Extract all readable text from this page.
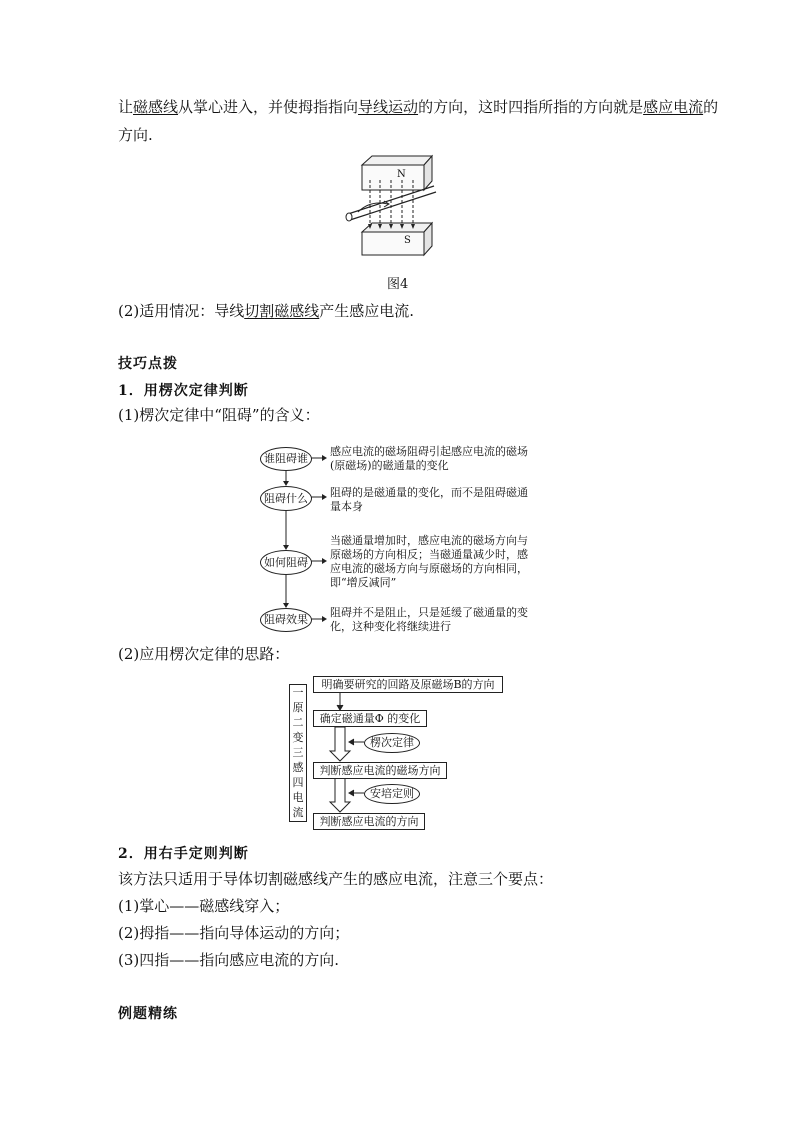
让磁感线从掌心进入，并使拇指指向导线运动的方向，这时四指所指的方向就是感应电流的
方向.
N
S
图4
(2)适用情况：导线切割磁感线产生感应电流.
技巧点拨
1．用楞次定律判断
(1)楞次定律中“阻碍”的含义：
谁阻碍谁
阻碍什么
如何阻碍
阻碍效果
感应电流的磁场阻碍引起感应电流的磁场
(原磁场)的磁通量的变化
阻碍的是磁通量的变化，而不是阻碍磁通
量本身
当磁通量增加时，感应电流的磁场方向与
原磁场的方向相反；当磁通量减少时，感
应电流的磁场方向与原磁场的方向相同，
即“增反减同”
阻碍并不是阻止，只是延缓了磁通量的变
化，这种变化将继续进行
(2)应用楞次定律的思路：
一
原
二
变
三
感
四
电
流
明确要研究的回路及原磁场B的方向
确定磁通量Φ 的变化
判断感应电流的磁场方向
判断感应电流的方向
楞次定律
安培定则
2．用右手定则判断
该方法只适用于导体切割磁感线产生的感应电流，注意三个要点：
(1)掌心——磁感线穿入；
(2)拇指——指向导体运动的方向；
(3)四指——指向感应电流的方向.
例题精练
